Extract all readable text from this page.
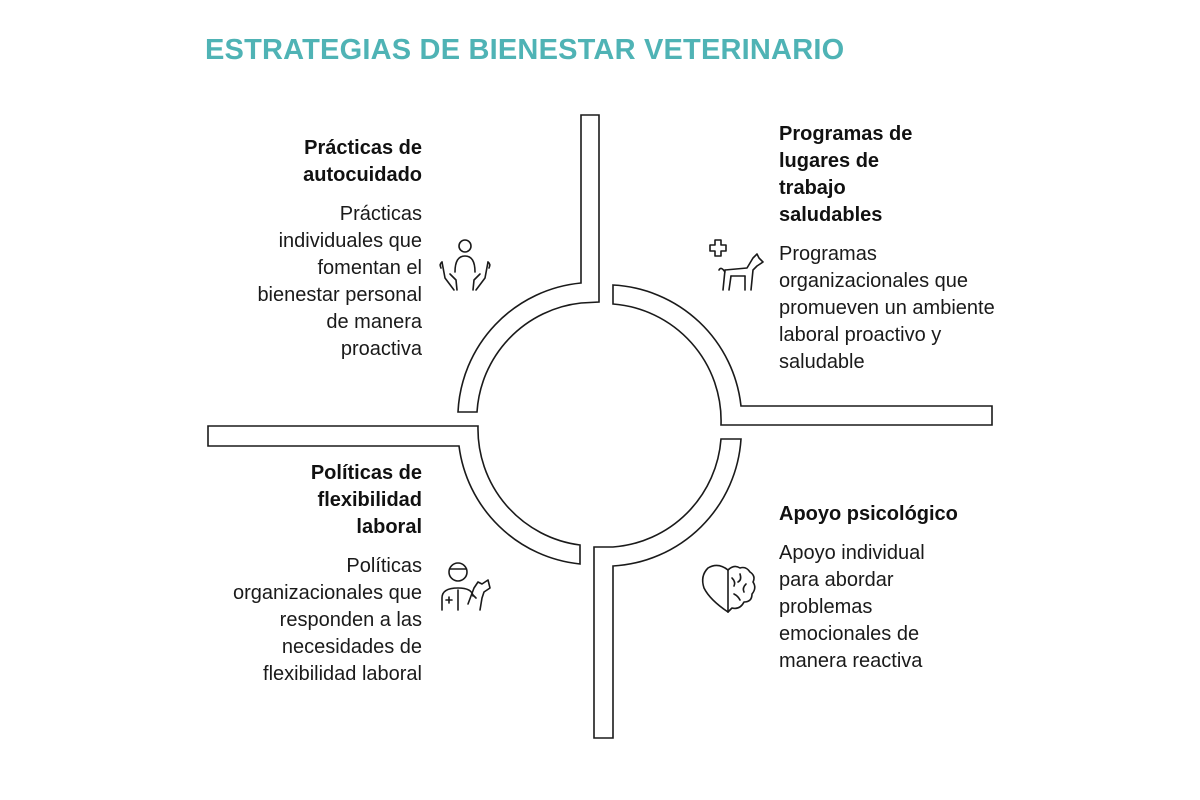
ESTRATEGIAS DE BIENESTAR VETERINARIO

Prácticas de
autocuidado

Prácticas individuales que fomentan el bienestar personal de manera proactiva

Programas de lugares de trabajo saludables

Programas organizacionales que promueven un ambiente laboral proactivo y saludable

Políticas de flexibilidad laboral

Políticas organizacionales que responden a las necesidades de flexibilidad laboral

Apoyo psicológico

Apoyo individual para abordar problemas emocionales de manera reactiva
